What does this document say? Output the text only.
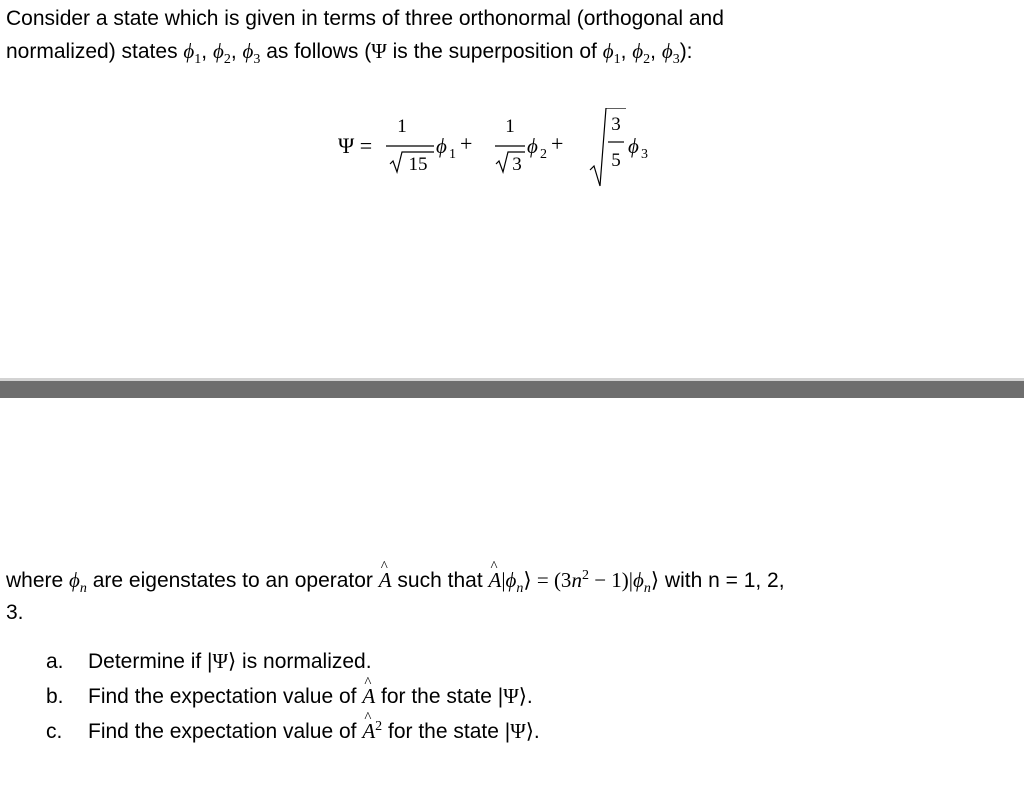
Consider a state which is given in terms of three orthonormal (orthogonal and
normalized) states $\phi_1$, $\phi_2$, $\phi_3$ as follows (Ψ is the superposition of $\phi_1$, $\phi_2$, $\phi_3$):
Ψ =
1
15
ϕ 1 +
1
3
ϕ 2 +
3
5
ϕ 3
where $\phi_n$ are eigenstates to an operator ^ A such that ^ $A|\phi_n⟩ = (3n^2$ − $1)|\phi_n⟩$ with n = 1, 2,
3.
a. Determine if |Ψ⟩ is normalized.
b. Find the expectation value of ^ A for the state |Ψ⟩.
c. Find the expectation value of ^ $A^2$ for the state |Ψ⟩.
